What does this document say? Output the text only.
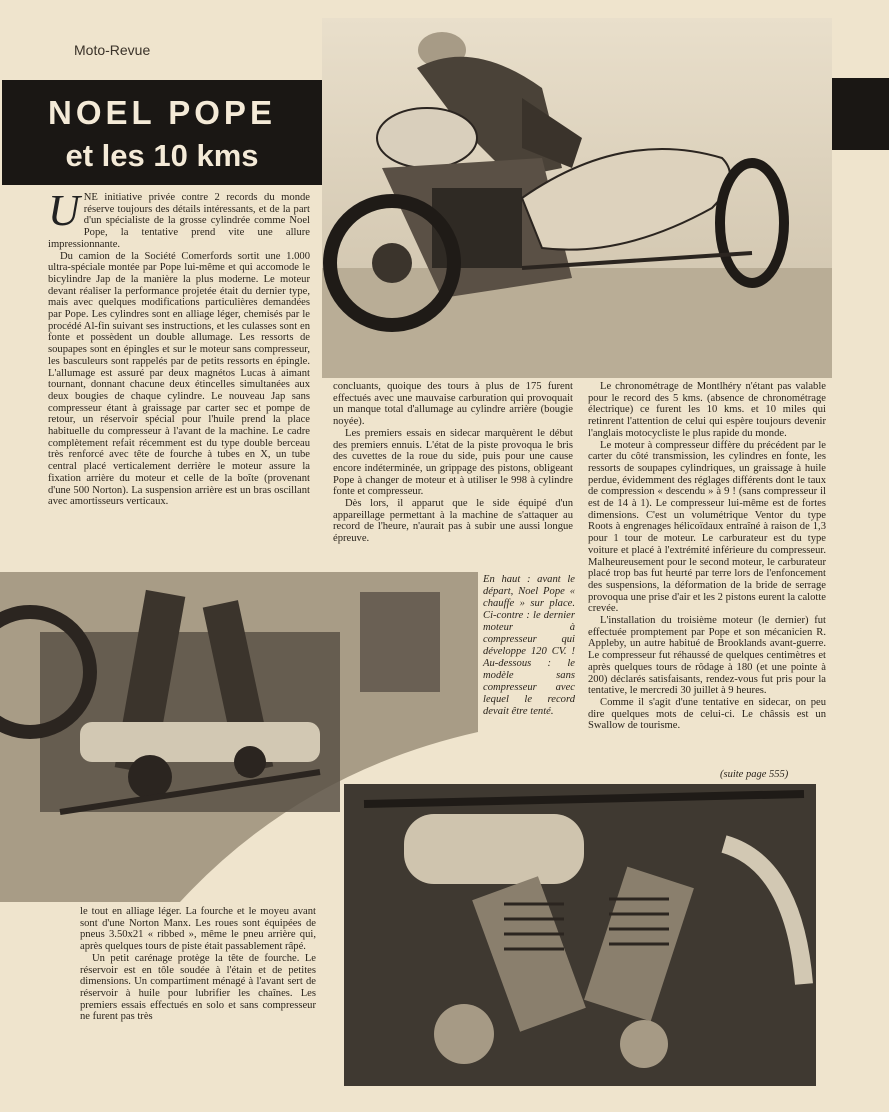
Moto-Revue
NOEL POPE
et les 10 kms

UNE initiative privée contre 2 records du monde réserve toujours des détails intéressants, et de la part d'un spécialiste de la grosse cylindrée comme Noel Pope, la tentative prend vite une allure impressionnante.

Du camion de la Société Comerfords sortit une 1.000 ultra-spéciale montée par Pope lui-même et qui accomode le bicylindre Jap de la manière la plus moderne. Le moteur devant réaliser la performance projetée était du dernier type, mais avec quelques modifications particulières demandées par Pope. Les cylindres sont en alliage léger, chemisés par le procédé Al-fin suivant ses instructions, et les culasses sont en fonte et possèdent un double allumage. Les ressorts de soupapes sont en épingles et sur le moteur sans compresseur, les basculeurs sont rappelés par de petits ressorts en épingle. L'allumage est assuré par deux magnétos Lucas à aimant tournant, donnant chacune deux étincelles simultanées aux deux bougies de chaque cylindre. Le nouveau Jap sans compresseur étant à graissage par carter sec et pompe de retour, un réservoir spécial pour l'huile prend la place habituelle du compresseur à l'avant de la machine. Le cadre complètement refait récemment est du type double berceau très renforcé avec tête de fourche à tubes en X, un tube central placé verticalement derrière le moteur assure la fixation arrière du moteur et celle de la boîte (provenant d'une 500 Norton). La suspension arrière est un bras oscillant avec amortisseurs verticaux.

concluants, quoique des tours à plus de 175 furent effectués avec une mauvaise carburation qui provoquait un manque total d'allumage au cylindre arrière (bougie noyée).

Les premiers essais en sidecar marquèrent le début des premiers ennuis. L'état de la piste provoqua le bris des cuvettes de la roue du side, puis pour une cause encore indéterminée, un grippage des pistons, obligeant Pope à changer de moteur et à utiliser le 998 à cylindre fonte et compresseur.

Dès lors, il apparut que le side équipé d'un appareillage permettant à la machine de s'attaquer au record de l'heure, n'aurait pas à subir une aussi longue épreuve.

Le chronométrage de Montlhéry n'étant pas valable pour le record des 5 kms. (absence de chronométrage électrique) ce furent les 10 kms. et 10 miles qui retinrent l'attention de celui qui espère toujours devenir l'anglais motocycliste le plus rapide du monde.

Le moteur à compresseur diffère du précédent par le carter du côté transmission, les cylindres en fonte, les ressorts de soupapes cylindriques, un graissage à huile perdue, évidemment des réglages différents dont le taux de compression « descendu » à 9 ! (sans compresseur il est de 14 à 1). Le compresseur lui-même est de fortes dimensions. C'est un volumétrique Ventor du type Roots à engrenages hélicoïdaux entraîné à raison de 1,3 pour 1 tour de moteur. Le carburateur est du type voiture et placé à l'extrémité inférieure du compresseur. Malheureusement pour le second moteur, le carburateur placé trop bas fut heurté par terre lors de l'enfoncement des suspensions, la déformation de la bride de serrage provoqua une prise d'air et les 2 pistons eurent la calotte crevée.

L'installation du troisième moteur (le dernier) fut effectuée promptement par Pope et son mécanicien R. Appleby, un autre habitué de Brooklands avant-guerre. Le compresseur fut réhaussé de quelques centimètres et après quelques tours de rôdage à 180 (et une pointe à 200) déclarés satisfaisants, rendez-vous fut pris pour la tentative, le mercredi 30 juillet à 9 heures.

Comme il s'agit d'une tentative en sidecar, on peu dire quelques mots de celui-ci. Le châssis est un Swallow de tourisme.

(suite page 555)

En haut : avant le départ, Noel Pope « chauffe » sur place. Ci-contre : le dernier moteur à compresseur qui développe 120 CV. ! Au-dessous : le modèle sans compresseur avec lequel le record devait être tenté.

le tout en alliage léger. La fourche et le moyeu avant sont d'une Norton Manx. Les roues sont équipées de pneus 3.50x21 « ribbed », même le pneu arrière qui, après quelques tours de piste était passablement râpé.

Un petit carénage protège la tête de fourche. Le réservoir est en tôle soudée à l'étain et de petites dimensions. Un compartiment ménagé à l'avant sert de réservoir à huile pour lubrifier les chaînes. Les premiers essais effectués en solo et sans compresseur ne furent pas très
